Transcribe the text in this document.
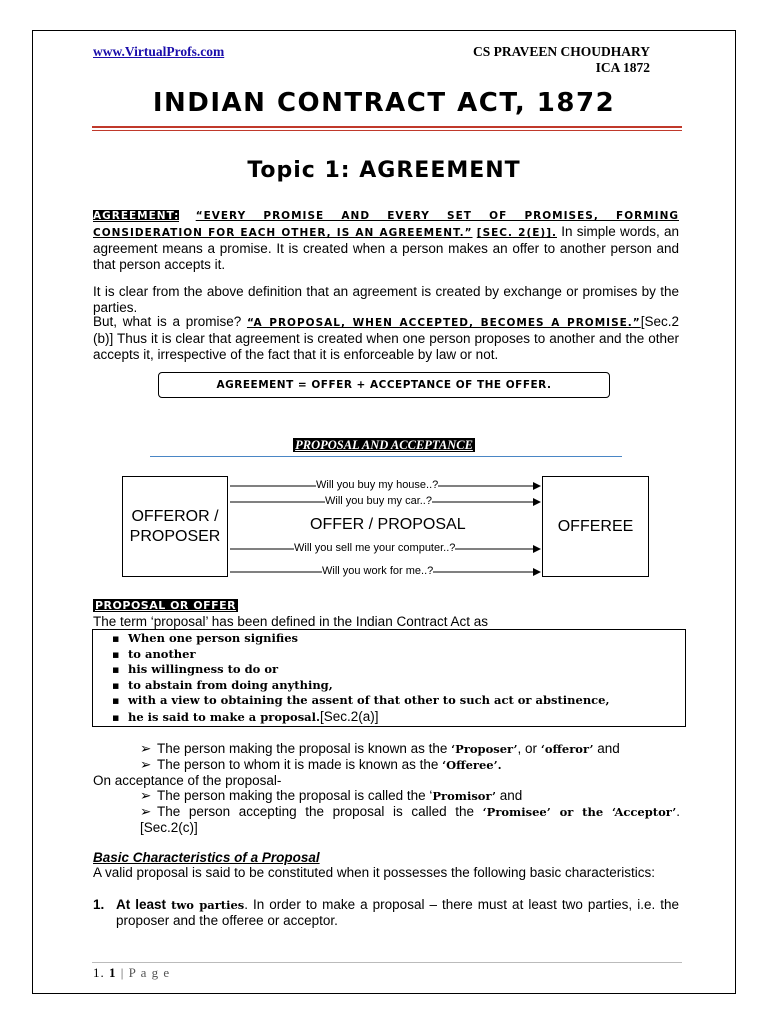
www.VirtualProfs.com	CS PRAVEEN CHOUDHARY
ICA 1872
INDIAN CONTRACT ACT, 1872
Topic 1: AGREEMENT
AGREEMENT: “EVERY PROMISE AND EVERY SET OF PROMISES, FORMING CONSIDERATION FOR EACH OTHER, IS AN AGREEMENT.” [SEC. 2(E)]. In simple words, an agreement means a promise. It is created when a person makes an offer to another person and that person accepts it.
It is clear from the above definition that an agreement is created by exchange or promises by the parties.
But, what is a promise? “A PROPOSAL, WHEN ACCEPTED, BECOMES A PROMISE.”[Sec.2 (b)] Thus it is clear that agreement is created when one person proposes to another and the other accepts it, irrespective of the fact that it is enforceable by law or not.
AGREEMENT = OFFER + ACCEPTANCE OF THE OFFER.
PROPOSAL AND ACCEPTANCE
OFFEROR / PROPOSER
OFFEREE
OFFER / PROPOSAL
Will you buy my house..?
Will you buy my car..?
Will you sell me your computer..?
Will you work for me..?
PROPOSAL OR OFFER
The term ‘proposal’ has been defined in the Indian Contract Act as
▪ When one person signifies
▪ to another
▪ his willingness to do or
▪ to abstain from doing anything,
▪ with a view to obtaining the assent of that other to such act or abstinence,
▪ he is said to make a proposal.[Sec.2(a)]
➢ The person making the proposal is known as the ‘Proposer’, or ‘offeror’ and
➢ The person to whom it is made is known as the ‘Offeree’.
On acceptance of the proposal-
➢ The person making the proposal is called the ‘Promisor’ and
➢ The person accepting the proposal is called the ‘Promisee’ or the ‘Acceptor’.[Sec.2(c)]
Basic Characteristics of a Proposal
A valid proposal is said to be constituted when it possesses the following basic characteristics:
1. At least two parties. In order to make a proposal – there must at least two parties, i.e. the proposer and the offeree or acceptor.
1. 1 | P a g e
